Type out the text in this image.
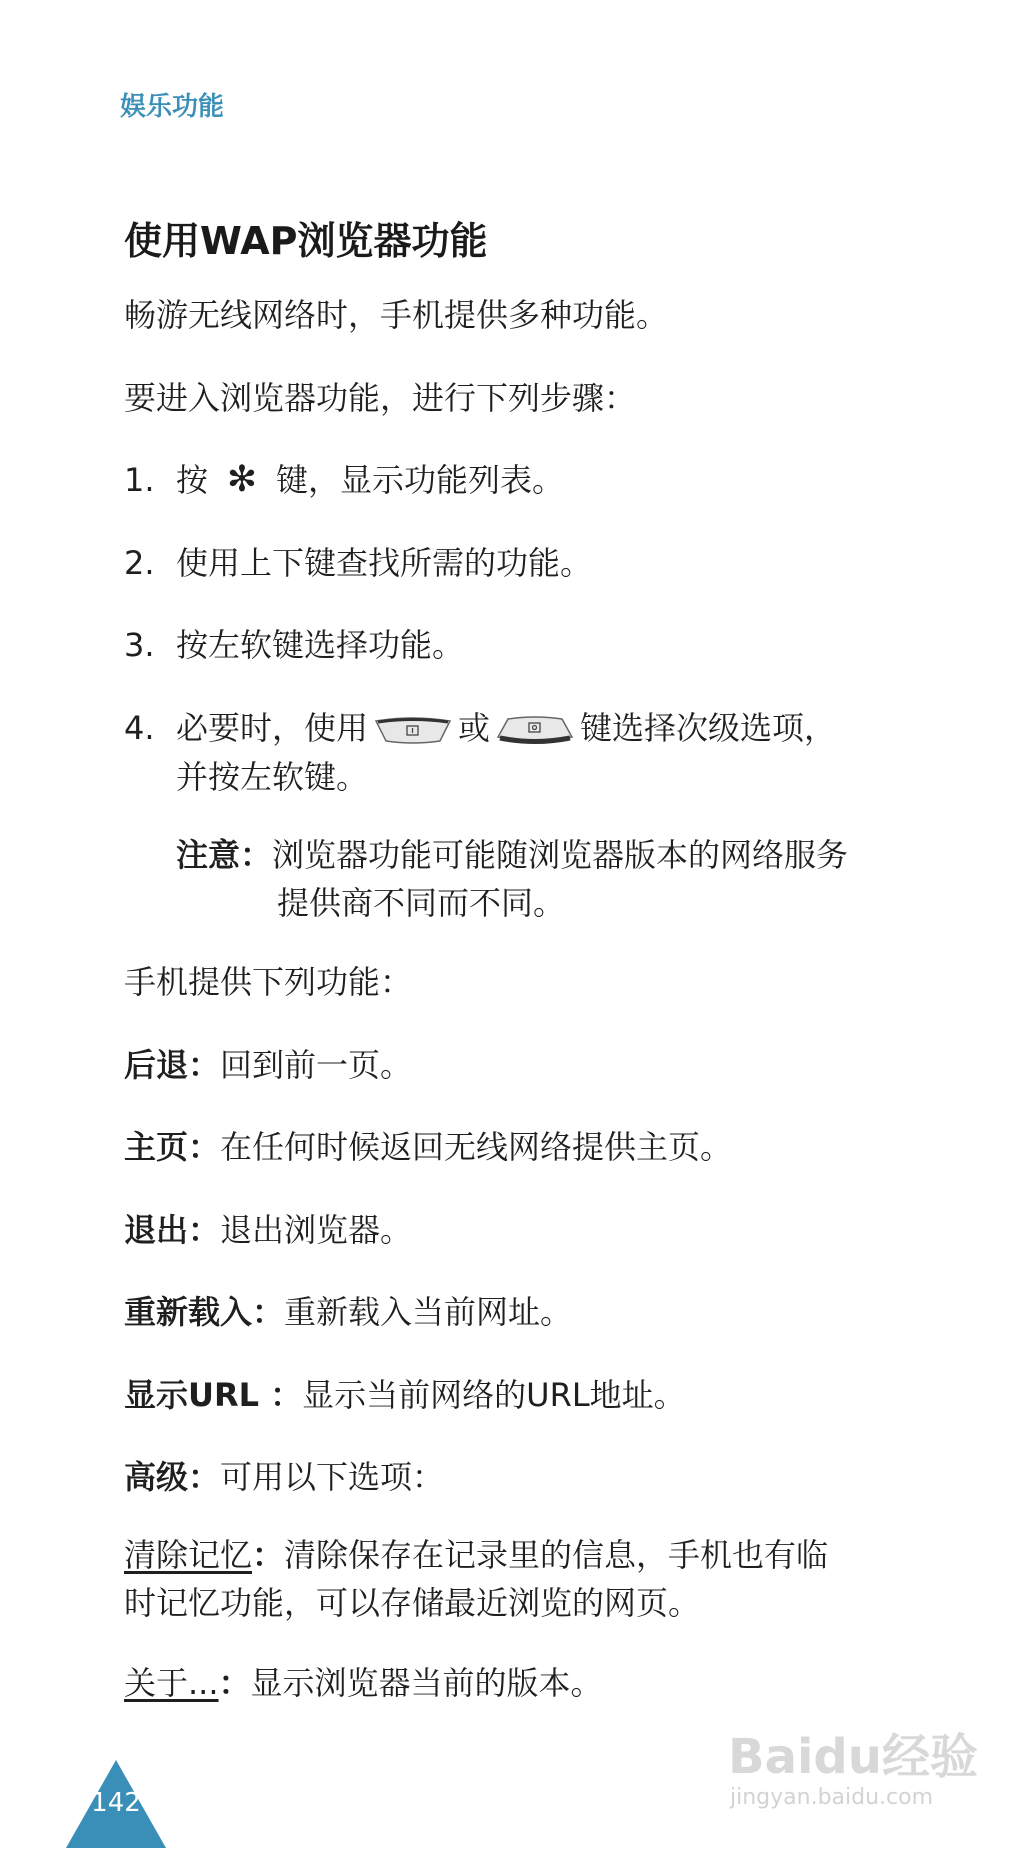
娱乐功能
使用WAP浏览器功能
畅游无线网络时，手机提供多种功能。
要进入浏览器功能，进行下列步骤：
1. 按 ✻ 键，显示功能列表。
2. 使用上下键查找所需的功能。
3. 按左软键选择功能。
4. 必要时，使用	或	键选择次级选项，
并按左软键。
注意：浏览器功能可能随浏览器版本的网络服务
提供商不同而不同。
手机提供下列功能：
后退：回到前一页。
主页：在任何时候返回无线网络提供主页。
退出：退出浏览器。
重新载入：重新载入当前网址。
显示URL ：显示当前网络的URL地址。
高级：可用以下选项：
清除记忆：清除保存在记录里的信息，手机也有临
时记忆功能，可以存储最近浏览的网页。
关于...：显示浏览器当前的版本。
142
Baidu经验
jingyan.baidu.com
